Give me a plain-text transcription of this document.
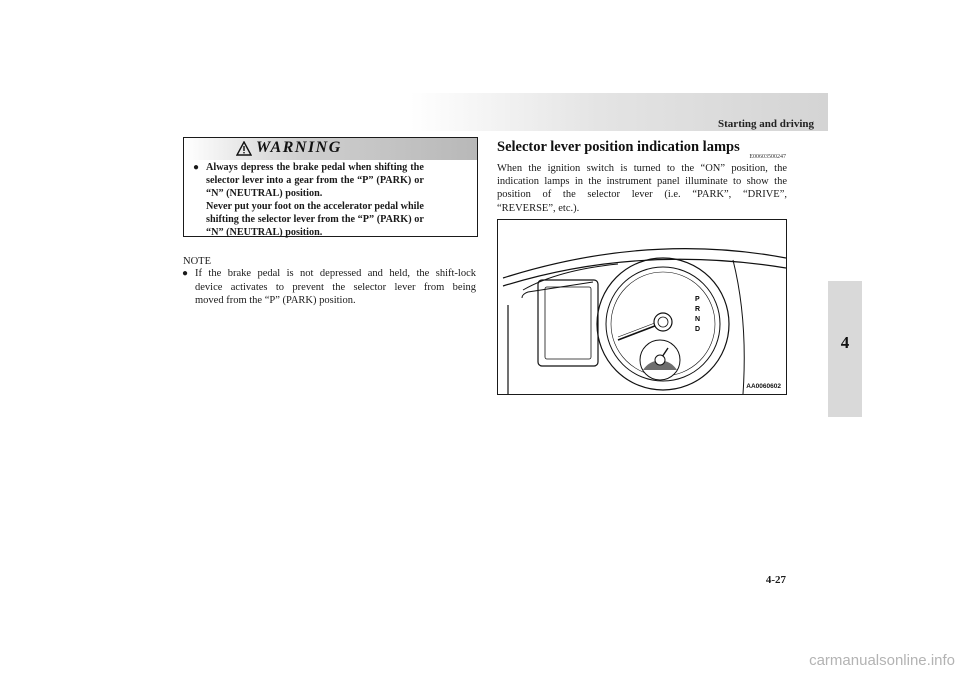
Starting and driving
4
WARNING
● Always depress the brake pedal when shifting the
selector lever into a gear from the “P” (PARK) or
“N” (NEUTRAL) position.
Never put your foot on the accelerator pedal while
shifting the selector lever from the “P” (PARK) or
“N” (NEUTRAL) position.
NOTE
● If the brake pedal is not depressed and held, the shift-lock
device activates to prevent the selector lever from being
moved from the “P” (PARK) position.
Selector lever position indication lamps
E00603500247
When the ignition switch is turned to the “ON” position, the
indication lamps in the instrument panel illuminate to show the
position of the selector lever (i.e. “PARK”, “DRIVE”,
“REVERSE”, etc.).
P
R
N
D
AA0060602
4-27
carmanualsonline.info
